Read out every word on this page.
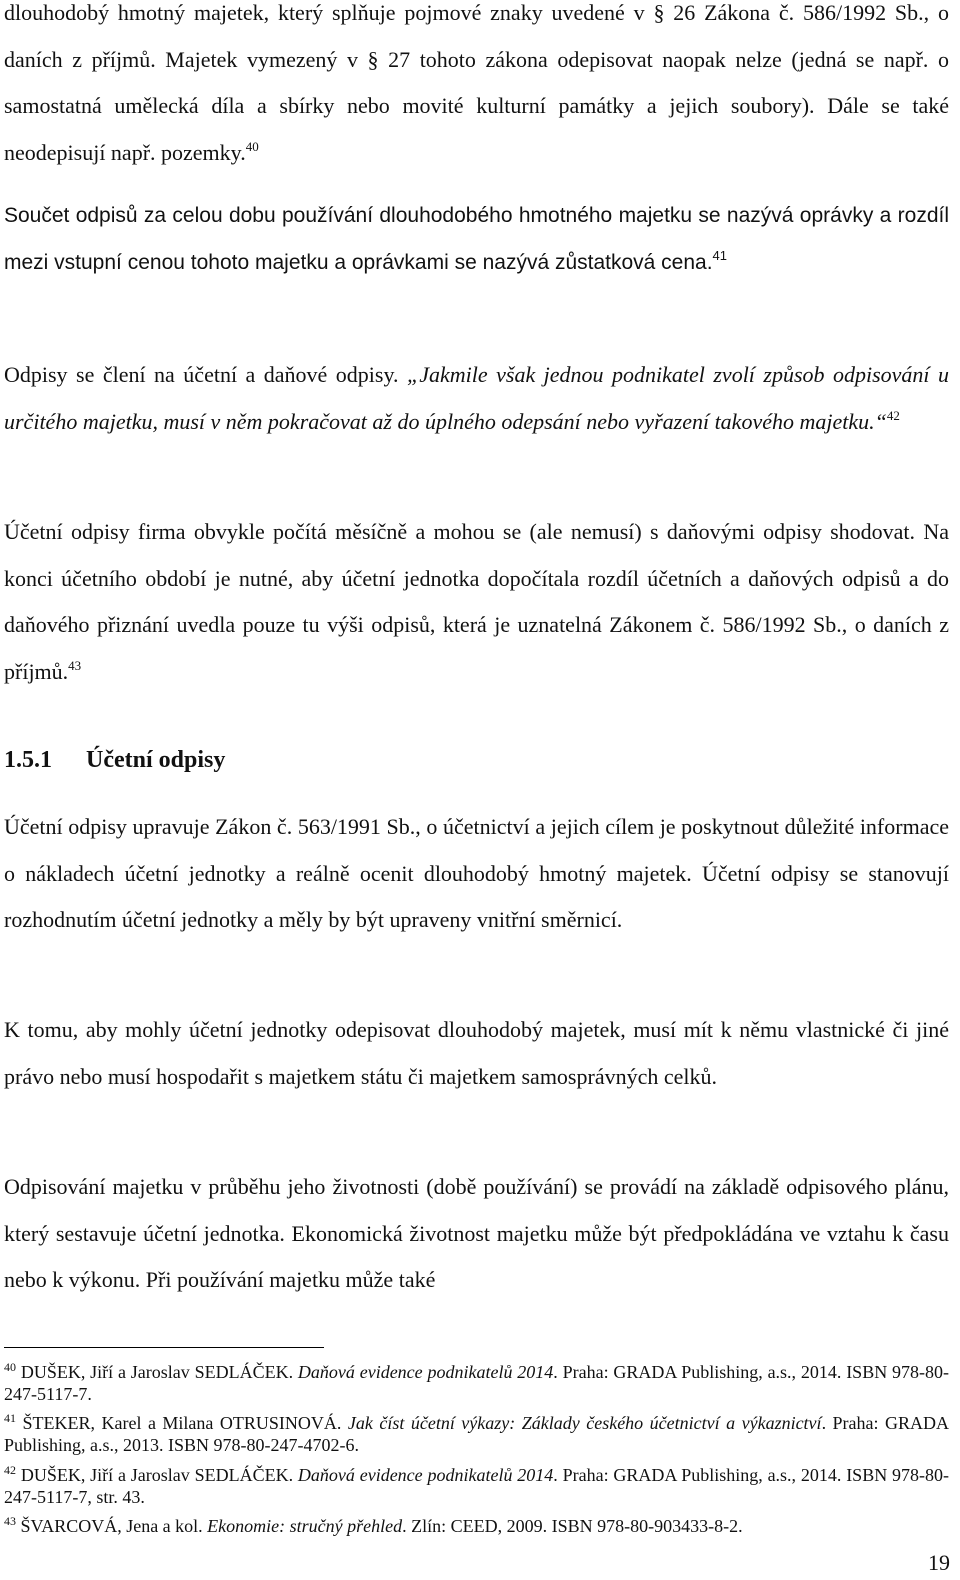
dlouhodobý hmotný majetek, který splňuje pojmové znaky uvedené v § 26 Zákona č. 586/1992 Sb., o daních z příjmů. Majetek vymezený v § 27 tohoto zákona odepisovat naopak nelze (jedná se např. o samostatná umělecká díla a sbírky nebo movité kulturní památky a jejich soubory). Dále se také neodepisují např. pozemky.$^{40}$

Součet odpisů za celou dobu používání dlouhodobého hmotného majetku se nazývá oprávky a rozdíl mezi vstupní cenou tohoto majetku a oprávkami se nazývá zůstatková cena.$^{41}$

Odpisy se člení na účetní a daňové odpisy. „Jakmile však jednou podnikatel zvolí způsob odpisování u určitého majetku, musí v něm pokračovat až do úplného odepsání nebo vyřazení takového majetku.“$^{42}$

Účetní odpisy firma obvykle počítá měsíčně a mohou se (ale nemusí) s daňovými odpisy shodovat. Na konci účetního období je nutné, aby účetní jednotka dopočítala rozdíl účetních a daňových odpisů a do daňového přiznání uvedla pouze tu výši odpisů, která je uznatelná Zákonem č. 586/1992 Sb., o daních z příjmů.$^{43}$

1.5.1 Účetní odpisy

Účetní odpisy upravuje Zákon č. 563/1991 Sb., o účetnictví a jejich cílem je poskytnout důležité informace o nákladech účetní jednotky a reálně ocenit dlouhodobý hmotný majetek. Účetní odpisy se stanovují rozhodnutím účetní jednotky a měly by být upraveny vnitřní směrnicí.

K tomu, aby mohly účetní jednotky odepisovat dlouhodobý majetek, musí mít k němu vlastnické či jiné právo nebo musí hospodařit s majetkem státu či majetkem samosprávných celků.

Odpisování majetku v průběhu jeho životnosti (době používání) se provádí na základě odpisového plánu, který sestavuje účetní jednotka. Ekonomická životnost majetku může být předpokládána ve vztahu k času nebo k výkonu. Při používání majetku může také

$^{40}$ DUŠEK, Jiří a Jaroslav SEDLÁČEK. Daňová evidence podnikatelů 2014. Praha: GRADA Publishing, a.s., 2014. ISBN 978-80-247-5117-7.

$^{41}$ ŠTEKER, Karel a Milana OTRUSINOVÁ. Jak číst účetní výkazy: Základy českého účetnictví a výkaznictví. Praha: GRADA Publishing, a.s., 2013. ISBN 978-80-247-4702-6.

$^{42}$ DUŠEK, Jiří a Jaroslav SEDLÁČEK. Daňová evidence podnikatelů 2014. Praha: GRADA Publishing, a.s., 2014. ISBN 978-80-247-5117-7, str. 43.

$^{43}$ ŠVARCOVÁ, Jena a kol. Ekonomie: stručný přehled. Zlín: CEED, 2009. ISBN 978-80-903433-8-2.

19
